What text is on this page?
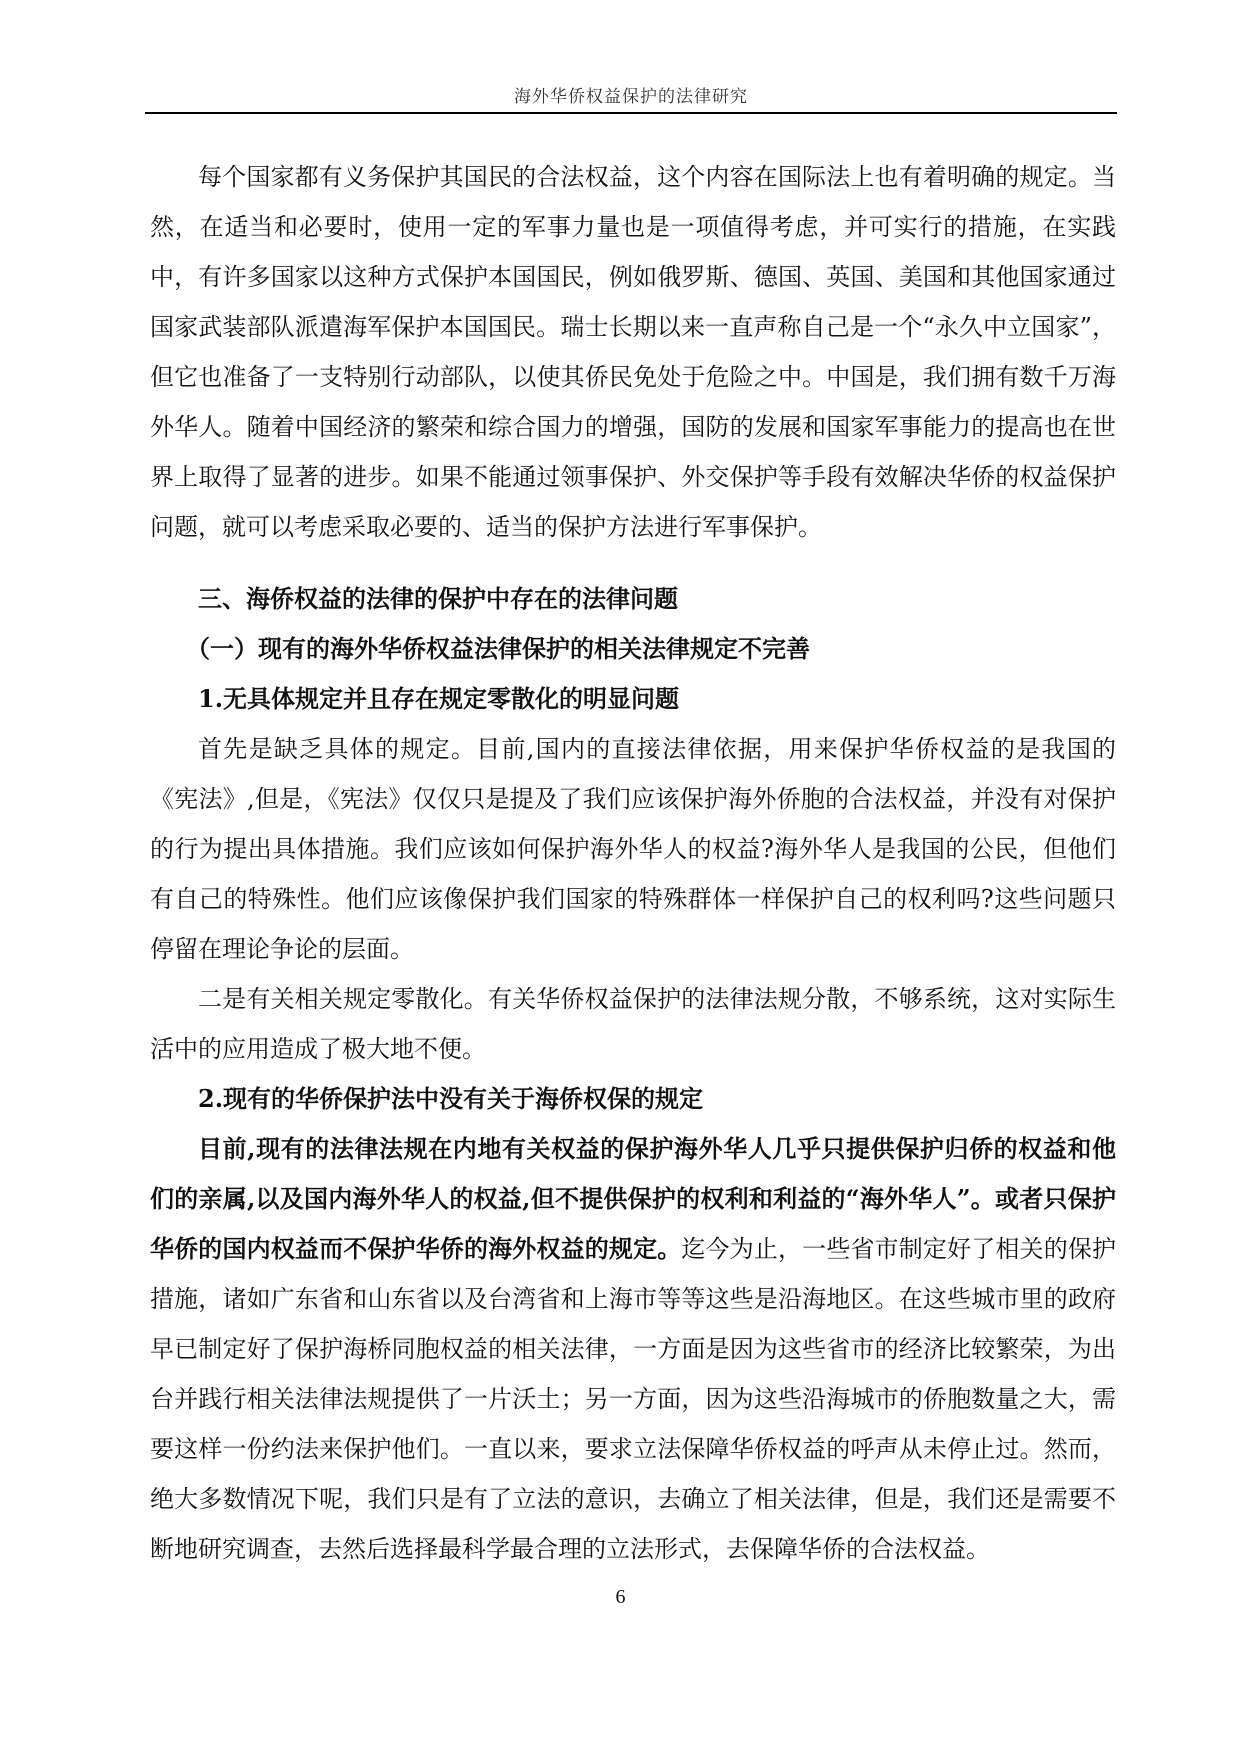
海外华侨权益保护的法律研究

每个国家都有义务保护其国民的合法权益，这个内容在国际法上也有着明确的规定。当然，在适当和必要时，使用一定的军事力量也是一项值得考虑，并可实行的措施，在实践中，有许多国家以这种方式保护本国国民，例如俄罗斯、德国、英国、美国和其他国家通过国家武装部队派遣海军保护本国国民。瑞士长期以来一直声称自己是一个“永久中立国家”，但它也准备了一支特别行动部队，以使其侨民免处于危险之中。中国是，我们拥有数千万海外华人。随着中国经济的繁荣和综合国力的增强，国防的发展和国家军事能力的提高也在世界上取得了显著的进步。如果不能通过领事保护、外交保护等手段有效解决华侨的权益保护问题，就可以考虑采取必要的、适当的保护方法进行军事保护。

三、海侨权益的法律的保护中存在的法律问题
（一）现有的海外华侨权益法律保护的相关法律规定不完善
1.无具体规定并且存在规定零散化的明显问题

首先是缺乏具体的规定。目前,国内的直接法律依据，用来保护华侨权益的是我国的《宪法》,但是，《宪法》仅仅只是提及了我们应该保护海外侨胞的合法权益，并没有对保护的行为提出具体措施。我们应该如何保护海外华人的权益?海外华人是我国的公民，但他们有自己的特殊性。他们应该像保护我们国家的特殊群体一样保护自己的权利吗?这些问题只停留在理论争论的层面。

二是有关相关规定零散化。有关华侨权益保护的法律法规分散，不够系统，这对实际生活中的应用造成了极大地不便。

2.现有的华侨保护法中没有关于海侨权保的规定

目前,现有的法律法规在内地有关权益的保护海外华人几乎只提供保护归侨的权益和他们的亲属,以及国内海外华人的权益,但不提供保护的权利和利益的“海外华人”。或者只保护华侨的国内权益而不保护华侨的海外权益的规定。迄今为止，一些省市制定好了相关的保护措施，诸如广东省和山东省以及台湾省和上海市等等这些是沿海地区。在这些城市里的政府早已制定好了保护海桥同胞权益的相关法律，一方面是因为这些省市的经济比较繁荣，为出台并践行相关法律法规提供了一片沃土；另一方面，因为这些沿海城市的侨胞数量之大，需要这样一份约法来保护他们。一直以来，要求立法保障华侨权益的呼声从未停止过。然而，绝大多数情况下呢，我们只是有了立法的意识，去确立了相关法律，但是，我们还是需要不断地研究调查，去然后选择最科学最合理的立法形式，去保障华侨的合法权益。

6
